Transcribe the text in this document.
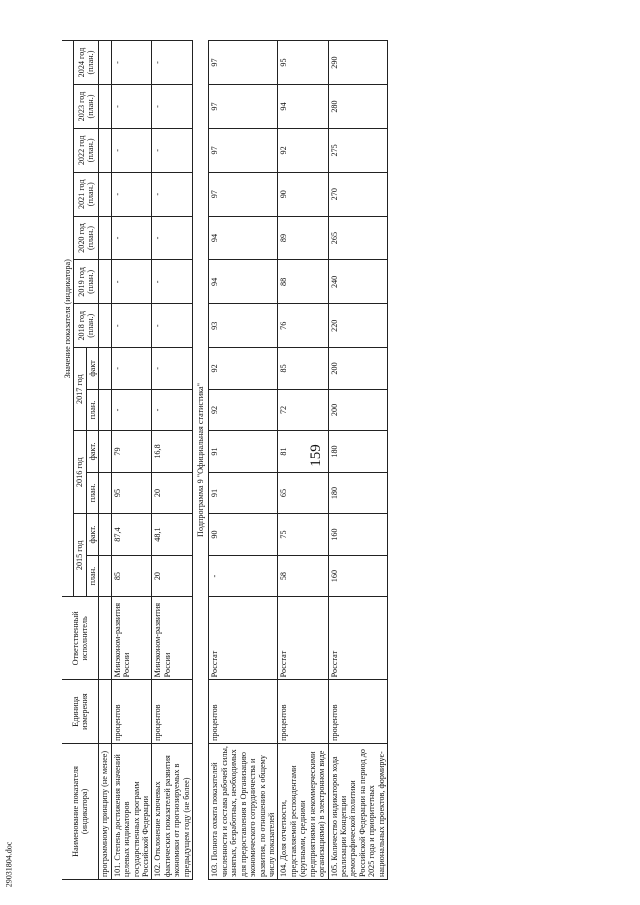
159
29031804.doc
Наименование показателя (индикатора)	Единица измерения	Ответственный исполнитель	Значение показателя (индикатора)												
			2015 год		2016 год		2017 год		2018 год (план.)	2019 год (план.)	2020 год (план.)	2021 год (план.)	2022 год (план.)	2023 год (план.)	2024 год (план.)
			план.	факт.	план.	факт.	план.	факт							
программному принципу (не менее)															
101. Степень достижения значений целевых индикаторов государственных программ Российской Федерации	процентов	Минэконом-развития России	85	87,4	95	79	-	-	-	-	-	-	-	-	-
102. Отклонение ключевых фактических показателей развития экономики от прогнозируемых в предыдущем году (не более)	процентов	Минэконом-развития России	20	48,1	20	16,8	-	-	-	-	-	-	-	-	-
Подпрограмма 9 "Официальная статистика"															
103. Полнота охвата показателей численности и состава рабочей силы, занятых, безработных, необходимых для предоставления в Организацию экономического сотрудничества и развития, по отношению к общему числу показателей	процентов	Росстат	-	90	91	91	92	92	93	94	94	97	97	97	97
104. Доля отчетности, представляемой респондентами (крупными, средними предприятиями и некоммерческими организациями) в электронном виде	процентов	Росстат	58	75	65	81	72	85	76	88	89	90	92	94	95
105. Количество индикаторов хода реализации Концепции демографической политики Российской Федерации на период до 2025 года и приоритетных национальных проектов, формирує-	процентов	Росстат	160	160	180	180	200	200	220	240	265	270	275	280	290
